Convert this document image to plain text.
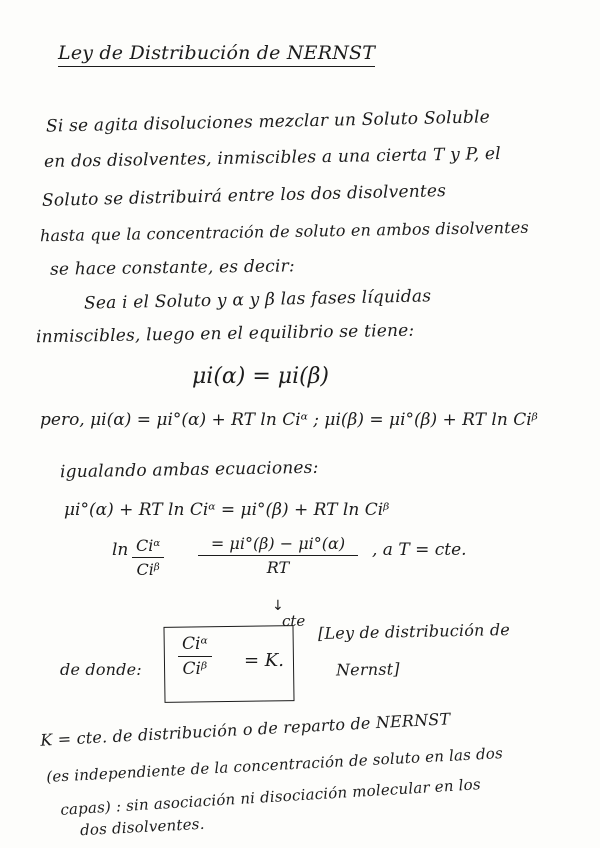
Ley de Distribución de NERNST
Si se agita disoluciones mezclar un Soluto Soluble
en dos disolventes, inmiscibles a una cierta T y P, el
Soluto se distribuirá entre los dos disolventes
hasta que la concentración de soluto en ambos disolventes
se hace constante, es decir:
Sea i el Soluto y α y β las fases líquidas
inmiscibles, luego en el equilibrio se tiene:
μi(α) = μi(β)
pero, μi(α) = μi°(α) + RT ln Ciᵅ ; μi(β) = μi°(β) + RT ln Ciᵝ
igualando ambas ecuaciones:
μi°(α) + RT ln Ciᵅ = μi°(β) + RT ln Ciᵝ
ln Ciᵅ
Ciᵝ
= μi°(β) − μi°(α)
RT
, a T = cte.
↓
cte
de donde:
Ciᵅ
Ciᵝ = K.
[Ley de distribución de
Nernst]
K = cte. de distribución o de reparto de NERNST
(es independiente de la concentración de soluto en las dos
capas) : sin asociación ni disociación molecular en los
dos disolventes.
